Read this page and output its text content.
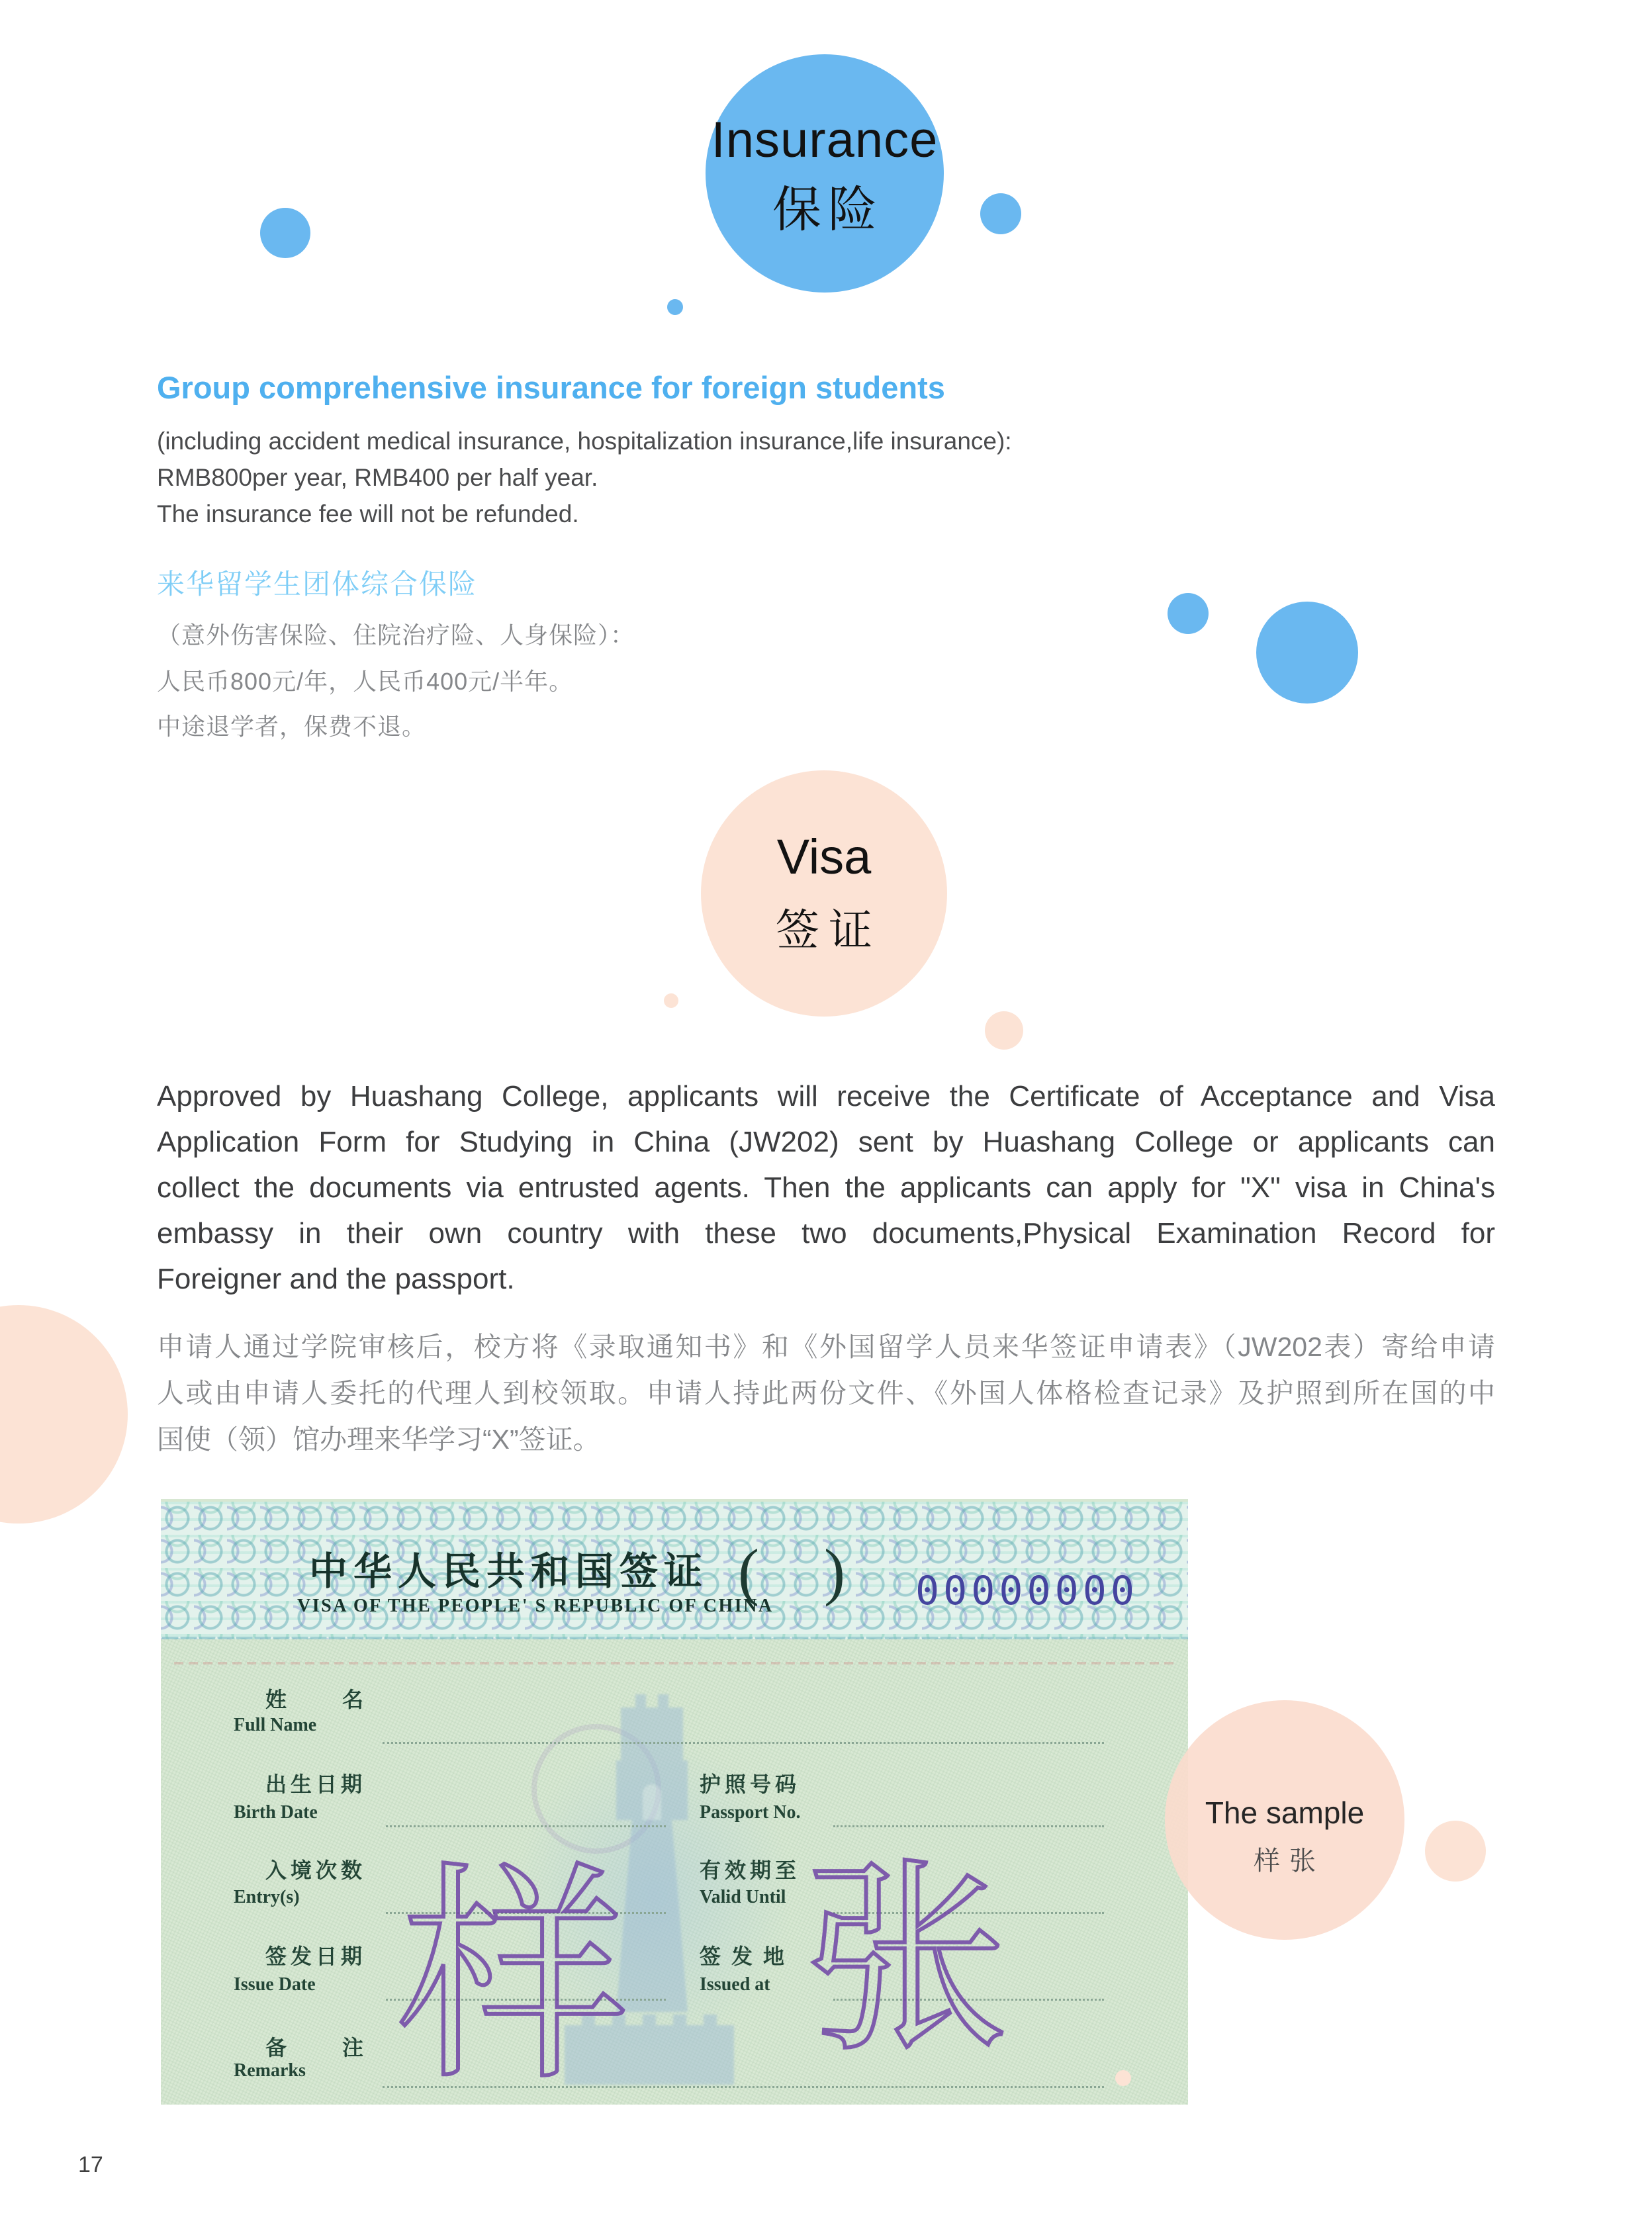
Insurance
保险
Group comprehensive insurance for foreign students
(including accident medical insurance, hospitalization insurance,life insurance):
RMB800per year, RMB400 per half year.
The insurance fee will not be refunded.
来华留学生团体综合保险
（意外伤害保险、住院治疗险、人身保险）：
人民币800元/年，人民币400元/半年。
中途退学者，保费不退。
Visa
签证
Approved by Huashang College, applicants will receive the Certificate of Acceptance and Visa
Application Form for Studying in China (JW202) sent by Huashang College or applicants can
collect the documents via entrusted agents. Then the applicants can apply for "X" visa in China's
embassy in their own country with these two documents,Physical Examination Record for
Foreigner and the passport.
申请人通过学院审核后，校方将《录取通知书》和《外国留学人员来华签证申请表》（JW202表）寄给申请
人或由申请人委托的代理人到校领取。申请人持此两份文件、《外国人体格检查记录》及护照到所在国的中
国使（领）馆办理来华学习“X”签证。
中华人民共和国签证 ( ) 00000000
VISA OF THE PEOPLE' S REPUBLIC OF CHINA
姓名
Full Name
出生日期
Birth Date
护照号码
Passport No.
入境次数
Entry(s)
有效期至
Valid Until
签发日期
Issue Date
签发地
Issued at
备注
Remarks 样 张
The sample
样张
17
